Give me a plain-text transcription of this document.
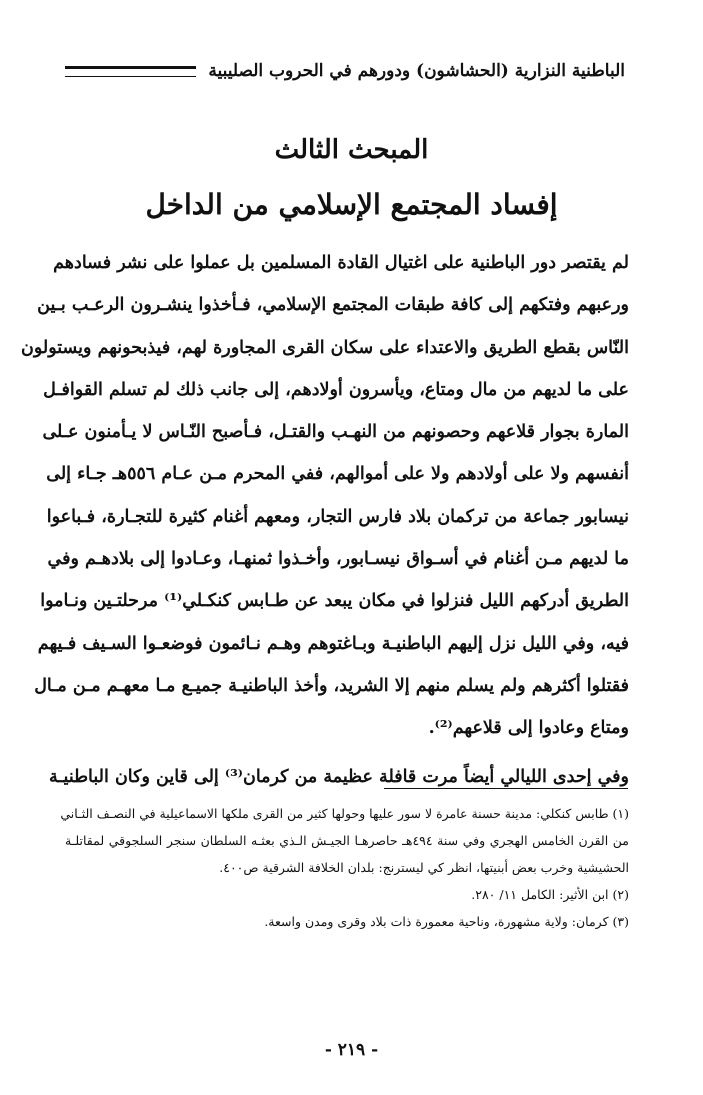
الباطنية النزارية (الحشاشون) ودورهم في الحروب الصليبية
المبحث الثالث
إفساد المجتمع الإسلامي من الداخل
لم يقتصر دور الباطنية على اغتيال القادة المسلمين بل عملوا على نشر فسادهم
ورعبهم وفتكهم إلى كافة طبقات المجتمع الإسلامي، فـأخذوا ينشـرون الرعـب بـين
النّاس بقطع الطريق والاعتداء على سكان القرى المجاورة لهم، فيذبحونهم ويستولون
على ما لديهم من مال ومتاع، ويأسرون أولادهم، إلى جانب ذلك لم تسلم القوافـل
المارة بجوار قلاعهم وحصونهم من النهـب والقتـل، فـأصبح النّـاس لا يـأمنون عـلى
أنفسهم ولا على أولادهم ولا على أموالهم، ففي المحرم مـن عـام ٥٥٦هـ جـاء إلى
نيسابور جماعة من تركمان بلاد فارس التجار، ومعهم أغنام كثيرة للتجـارة، فـباعوا
ما لديهم مـن أغنام في أسـواق نيسـابور، وأخـذوا ثمنهـا، وعـادوا إلى بلادهـم وفي
الطريق أدركهم الليل فنزلوا في مكان يبعد عن طـابس كنكـلي⁽¹⁾ مرحلتـين ونـاموا
فيه، وفي الليل نزل إليهم الباطنيـة وبـاغتوهم وهـم نـائمون فوضعـوا السـيف فـيهم
فقتلوا أكثرهم ولم يسلم منهم إلا الشريد، وأخذ الباطنيـة جميـع مـا معهـم مـن مـال
ومتاع وعادوا إلى قلاعهم⁽²⁾.
وفي إحدى الليالي أيضاً مرت قافلة عظيمة من كرمان⁽³⁾ إلى قاين وكان الباطنيـة
(١) طابس كنكلي: مدينة حسنة عامرة لا سور عليها وحولها كثير من القرى ملكها الاسماعيلية في النصـف الثـاني
من القرن الخامس الهجري وفي سنة ٤٩٤هـ حاصرهـا الجيـش الـذي بعثـه السلطان سنجر السلجوقي لمقاتلـة
الحشيشية وخرب بعض أبنيتها، انظر كي ليسترنج: بلدان الخلافة الشرقية ص٤٠٠.
(٢) ابن الأثير: الكامل ١١/ ٢٨٠.
(٣) كرمان: ولاية مشهورة، وناحية معمورة ذات بلاد وقرى ومدن واسعة.
- ٢١٩ -
